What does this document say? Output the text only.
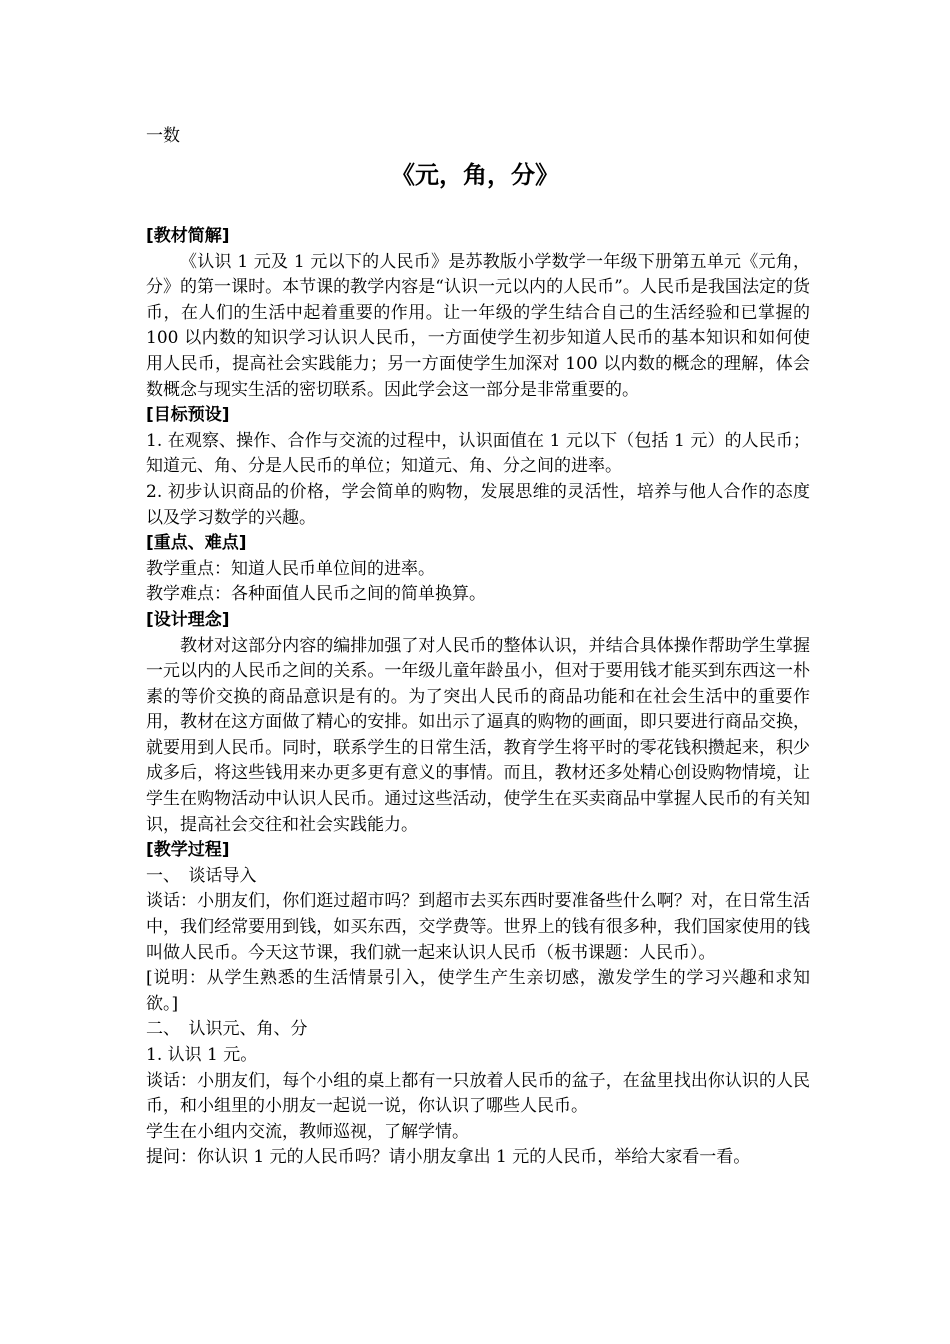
一数
《元，角，分》

[教材简解]

《认识 1 元及 1 元以下的人民币》是苏教版小学数学一年级下册第五单元《元角，分》的第一课时。本节课的教学内容是“认识一元以内的人民币”。人民币是我国法定的货币，在人们的生活中起着重要的作用。让一年级的学生结合自己的生活经验和已掌握的 100 以内数的知识学习认识人民币，一方面使学生初步知道人民币的基本知识和如何使用人民币，提高社会实践能力；另一方面使学生加深对 100 以内数的概念的理解，体会数概念与现实生活的密切联系。因此学会这一部分是非常重要的。

[目标预设]

1. 在观察、操作、合作与交流的过程中，认识面值在 1 元以下（包括 1 元）的人民币；知道元、角、分是人民币的单位；知道元、角、分之间的进率。

2. 初步认识商品的价格，学会简单的购物，发展思维的灵活性，培养与他人合作的态度以及学习数学的兴趣。

[重点、难点]

教学重点：知道人民币单位间的进率。

教学难点：各种面值人民币之间的简单换算。

[设计理念]

教材对这部分内容的编排加强了对人民币的整体认识，并结合具体操作帮助学生掌握一元以内的人民币之间的关系。一年级儿童年龄虽小，但对于要用钱才能买到东西这一朴素的等价交换的商品意识是有的。为了突出人民币的商品功能和在社会生活中的重要作用，教材在这方面做了精心的安排。如出示了逼真的购物的画面，即只要进行商品交换，就要用到人民币。同时，联系学生的日常生活，教育学生将平时的零花钱积攒起来，积少成多后，将这些钱用来办更多更有意义的事情。而且，教材还多处精心创设购物情境，让学生在购物活动中认识人民币。通过这些活动，使学生在买卖商品中掌握人民币的有关知识，提高社会交往和社会实践能力。

[教学过程]

一、　谈话导入

谈话：小朋友们，你们逛过超市吗？到超市去买东西时要准备些什么啊？对，在日常生活中，我们经常要用到钱，如买东西，交学费等。世界上的钱有很多种，我们国家使用的钱叫做人民币。今天这节课，我们就一起来认识人民币（板书课题：人民币）。

[说明：从学生熟悉的生活情景引入，使学生产生亲切感，激发学生的学习兴趣和求知欲。]

二、　认识元、角、分

1. 认识 1 元。

谈话：小朋友们，每个小组的桌上都有一只放着人民币的盆子，在盆里找出你认识的人民币，和小组里的小朋友一起说一说，你认识了哪些人民币。

学生在小组内交流，教师巡视，了解学情。

提问：你认识 1 元的人民币吗？请小朋友拿出 1 元的人民币，举给大家看一看。
